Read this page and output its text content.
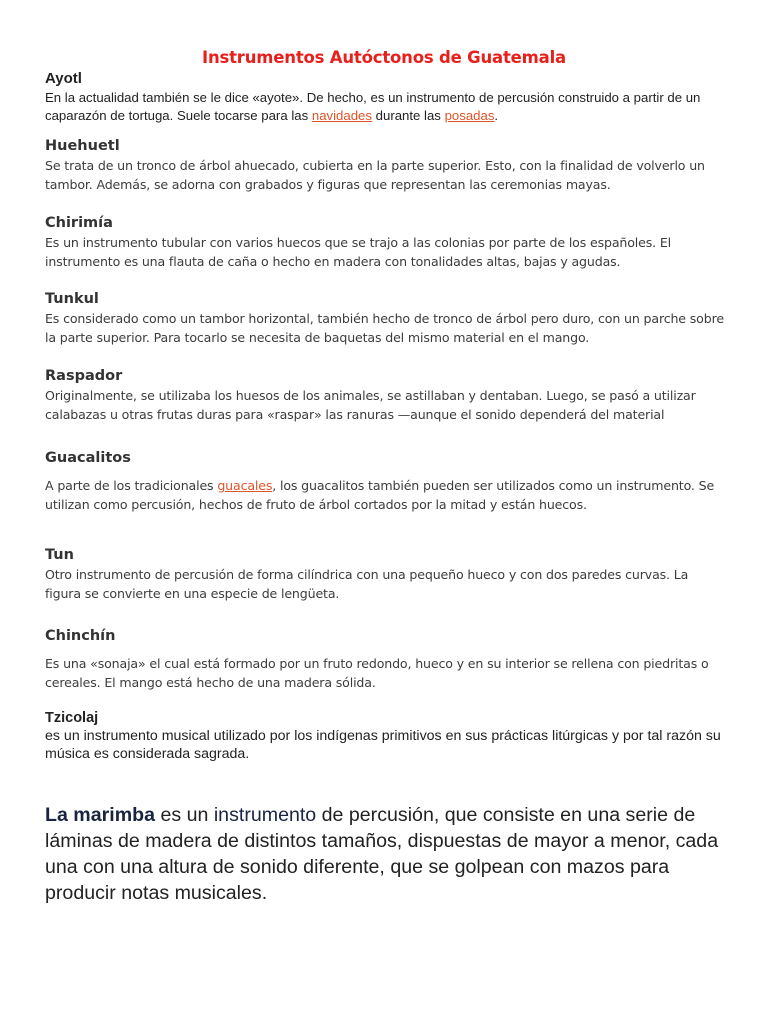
Instrumentos Autóctonos de Guatemala
Ayotl
En la actualidad también se le dice «ayote». De hecho, es un instrumento de percusión construido a partir de un caparazón de tortuga. Suele tocarse para las navidades durante las posadas.
Huehuetl
Se trata de un tronco de árbol ahuecado, cubierta en la parte superior. Esto, con la finalidad de volverlo un tambor. Además, se adorna con grabados y figuras que representan las ceremonias mayas.
Chirimía
Es un instrumento tubular con varios huecos que se trajo a las colonias por parte de los españoles. El instrumento es una flauta de caña o hecho en madera con tonalidades altas, bajas y agudas.
Tunkul
Es considerado como un tambor horizontal, también hecho de tronco de árbol pero duro, con un parche sobre la parte superior. Para tocarlo se necesita de baquetas del mismo material en el mango.
Raspador
Originalmente, se utilizaba los huesos de los animales, se astillaban y dentaban. Luego, se pasó a utilizar calabazas u otras frutas duras para «raspar» las ranuras —aunque el sonido dependerá del material
Guacalitos
A parte de los tradicionales guacales, los guacalitos también pueden ser utilizados como un instrumento. Se utilizan como percusión, hechos de fruto de árbol cortados por la mitad y están huecos.
Tun
Otro instrumento de percusión de forma cilíndrica con una pequeño hueco y con dos paredes curvas. La figura se convierte en una especie de lengüeta.
Chinchín
Es una «sonaja» el cual está formado por un fruto redondo, hueco y en su interior se rellena con piedritas o cereales. El mango está hecho de una madera sólida.
Tzicolaj
es un instrumento musical utilizado por los indígenas primitivos en sus prácticas litúrgicas y por tal razón su música es considerada sagrada.
La marimba es un instrumento de percusión, que consiste en una serie de láminas de madera de distintos tamaños, dispuestas de mayor a menor, cada una con una altura de sonido diferente, que se golpean con mazos para producir notas musicales.
